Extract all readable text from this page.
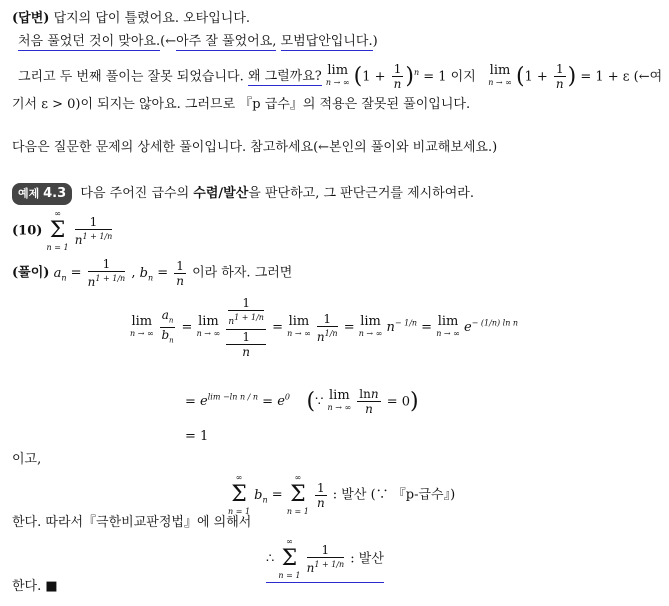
(답변) 답지의 답이 틀렸어요. 오타입니다.
처음 풀었던 것이 맞아요.(←아주 잘 풀었어요, 모범답안입니다.)
그리고 두 번째 풀이는 잘못 되었습니다. 왜 그럴까요? lim
n → ∞ $(1 + \frac{1}{n} )^n = 1$ 이지 lim
n → ∞ ($1 + \frac{1}{n}$ ) = 1 + ε (←여
기서 ε > 0)이 되지는 않아요. 그러므로 『p 급수』의 적용은 잘못된 풀이입니다.
다음은 질문한 문제의 상세한 풀이입니다. 참고하세요(←본인의 풀이와 비교해보세요.)
예제 4.3 다음 주어진 급수의 수렴/발산을 판단하고, 그 판단근거를 제시하여라.
(10)
∞
Σ
n = 1

$\frac{1}{n^{1 + 1/n}}$
(풀이) $a_n = \frac{1}{n^{1 + 1/n}}$ , $b_n = \frac{1}{n}$ 이라 하자. 그러면
lim
n → ∞
$\frac{a_n}{b_n} = \lim$
n → ∞
$\frac{1}{n1 + 1/n}$
1
n = lim
n → ∞
$\frac{1}{n^{1/n}} = \lim$
n → ∞ $n^{- 1/n} = \lim$
n → ∞ $e^{- (1/n) ln n}$
= $e^{lim -ln n / n} = e^0$ (∵ lim
n → ∞
$\frac{\ln n}{n} = 0$)
= 1
이고,
∞
Σ
n = 1
$b_n$ =
∞
Σ
n = 1

$\frac{1}{n}$ : 발산 (∵ 『p-급수』)
한다. 따라서『극한비교판정법』에 의해서
∴
∞
Σ
n = 1

$\frac{1}{n^{1 + 1/n}}$ : 발산
한다. ■
